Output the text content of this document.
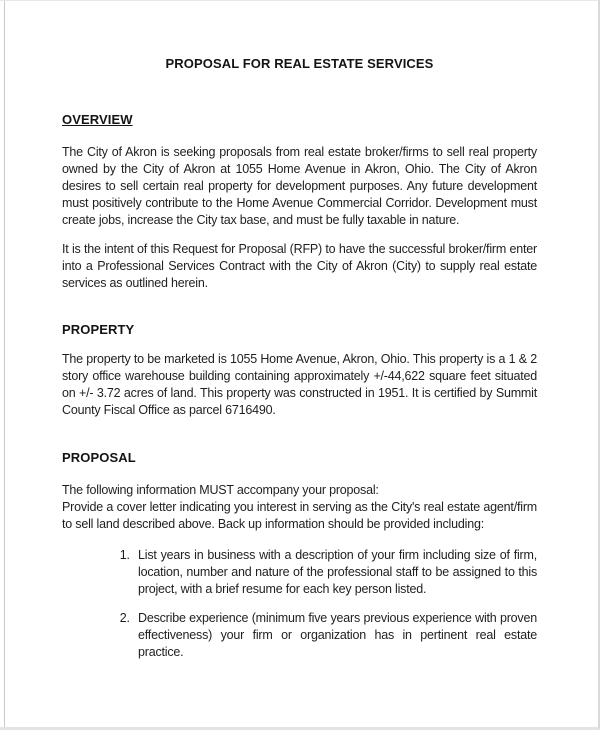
PROPOSAL FOR REAL ESTATE SERVICES
OVERVIEW

The City of Akron is seeking proposals from real estate broker/firms to sell real property owned by the City of Akron at 1055 Home Avenue in Akron, Ohio. The City of Akron desires to sell certain real property for development purposes. Any future development must positively contribute to the Home Avenue Commercial Corridor. Development must create jobs, increase the City tax base, and must be fully taxable in nature.

It is the intent of this Request for Proposal (RFP) to have the successful broker/firm enter into a Professional Services Contract with the City of Akron (City) to supply real estate services as outlined herein.

PROPERTY

The property to be marketed is 1055 Home Avenue, Akron, Ohio. This property is a 1 & 2 story office warehouse building containing approximately +/-44,622 square feet situated on +/- 3.72 acres of land. This property was constructed in 1951. It is certified by Summit County Fiscal Office as parcel 6716490.

PROPOSAL

The following information MUST accompany your proposal:

Provide a cover letter indicating you interest in serving as the City's real estate agent/firm to sell land described above. Back up information should be provided including:

1. List years in business with a description of your firm including size of firm, location, number and nature of the professional staff to be assigned to this project, with a brief resume for each key person listed.
2. Describe experience (minimum five years previous experience with proven effectiveness) your firm or organization has in pertinent real estate practice.
